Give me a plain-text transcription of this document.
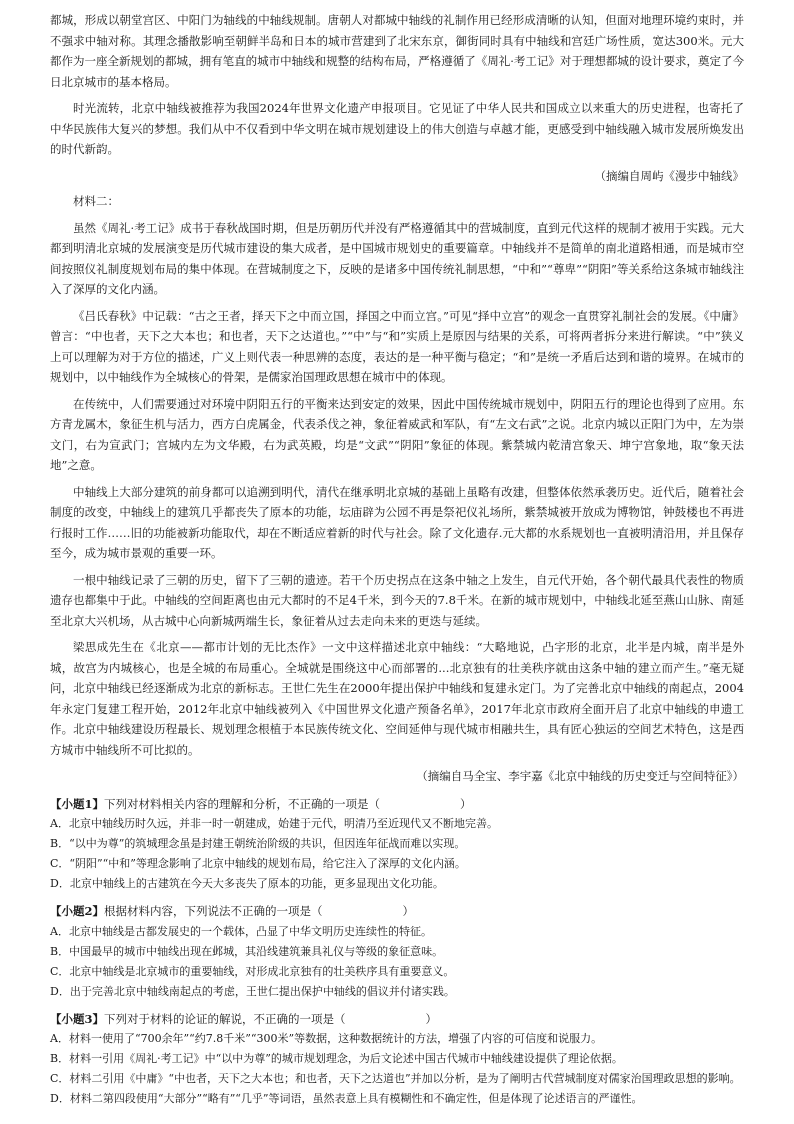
都城，形成以朝堂宫区、中阳门为轴线的中轴线规制。唐朝人对都城中轴线的礼制作用已经形成清晰的认知，但面对地理环境约束时，并不强求中轴对称。其理念播散影响至朝鲜半岛和日本的城市营建到了北宋东京，御街同时具有中轴线和宫廷广场性质，宽达300米。元大都作为一座全新规划的都城，拥有笔直的城市中轴线和规整的结构布局，严格遵循了《周礼·考工记》对于理想都城的设计要求，奠定了今日北京城市的基本格局。

时光流转，北京中轴线被推荐为我国2024年世界文化遗产申报项目。它见证了中华人民共和国成立以来重大的历史进程，也寄托了中华民族伟大复兴的梦想。我们从中不仅看到中华文明在城市规划建设上的伟大创造与卓越才能，更感受到中轴线融入城市发展所焕发出的时代新韵。

（摘编自周屿《漫步中轴线》
材料二：

虽然《周礼·考工记》成书于春秋战国时期，但是历朝历代并没有严格遵循其中的营城制度，直到元代这样的规制才被用于实践。元大都到明清北京城的发展演变是历代城市建设的集大成者，是中国城市规划史的重要篇章。中轴线并不是简单的南北道路相通，而是城市空间按照仪礼制度规划布局的集中体现。在营城制度之下，反映的是诸多中国传统礼制思想，“中和”“尊卑”“阴阳”等关系给这条城市轴线注入了深厚的文化内涵。

《吕氏春秋》中记载：“古之王者，择天下之中而立国，择国之中而立宫。”可见“择中立宫”的观念一直贯穿礼制社会的发展。《中庸》曾言：“中也者，天下之大本也；和也者，天下之达道也。”“中”与“和”实质上是原因与结果的关系，可将两者拆分来进行解读。“中”狭义上可以理解为对于方位的描述，广义上则代表一种思辨的态度，表达的是一种平衡与稳定；“和”是统一矛盾后达到和谐的境界。在城市的规划中，以中轴线作为全城核心的骨架，是儒家治国理政思想在城市中的体现。

在传统中，人们需要通过对环境中阴阳五行的平衡来达到安定的效果，因此中国传统城市规划中，阴阳五行的理论也得到了应用。东方青龙属木，象征生机与活力，西方白虎属金，代表杀伐之神，象征着威武和军队，有“左文右武”之说。北京内城以正阳门为中，左为崇文门，右为宣武门；宫城内左为文华殿，右为武英殿，均是“文武”“阴阳”象征的体现。紫禁城内乾清宫象天、坤宁宫象地，取“象天法地”之意。

中轴线上大部分建筑的前身都可以追溯到明代，清代在继承明北京城的基础上虽略有改建，但整体依然承袭历史。近代后，随着社会制度的改变，中轴线上的建筑几乎都丧失了原本的功能，坛庙辟为公园不再是祭祀仪礼场所，紫禁城被开放成为博物馆，钟鼓楼也不再进行报时工作……旧的功能被新功能取代，却在不断适应着新的时代与社会。除了文化遗存.元大都的水系规划也一直被明清沿用，并且保存至今，成为城市景观的重要一环。

一根中轴线记录了三朝的历史，留下了三朝的遗迹。若干个历史拐点在这条中轴之上发生，自元代开始，各个朝代最具代表性的物质遗存也都集中于此。中轴线的空间距离也由元大都时的不足4千米，到今天的7.8千米。在新的城市规划中，中轴线北延至燕山山脉、南延至北京大兴机场，从古城中心向新城两端生长，象征着从过去走向未来的更迭与延续。

梁思成先生在《北京——都市计划的无比杰作》一文中这样描述北京中轴线：“大略地说，凸字形的北京，北半是内城，南半是外城，故宫为内城核心，也是全城的布局重心。全城就是围绕这中心而部署的...北京独有的壮美秩序就由这条中轴的建立而产生。”毫无疑问，北京中轴线已经逐渐成为北京的新标志。王世仁先生在2000年提出保护中轴线和复建永定门。为了完善北京中轴线的南起点，2004年永定门复建工程开始，2012年北京中轴线被列入《中国世界文化遗产预备名单》，2017年北京市政府全面开启了北京中轴线的申遗工作。北京中轴线建设历程最长、规划理念根植于本民族传统文化、空间延伸与现代城市相融共生，具有匠心独运的空间艺术特色，这是西方城市中轴线所不可比拟的。

（摘编自马全宝、李宇嘉《北京中轴线的历史变迁与空间特征》）
【小题1】下列对材料相关内容的理解和分析，不正确的一项是（	）
A．北京中轴线历时久远，并非一时一朝建成，始建于元代，明清乃至近现代又不断地完善。
B．“以中为尊”的筑城理念虽是封建王朝统治阶级的共识，但因连年征战而难以实现。
C．“阴阳”“中和”等理念影响了北京中轴线的规划布局，给它注入了深厚的文化内涵。
D．北京中轴线上的古建筑在今天大多丧失了原本的功能，更多显现出文化功能。
【小题2】根据材料内容，下列说法不正确的一项是（	）
A．北京中轴线是古都发展史的一个载体，凸显了中华文明历史连续性的特征。
B．中国最早的城市中轴线出现在邺城，其沿线建筑兼具礼仪与等级的象征意味。
C．北京中轴线是北京城市的重要轴线，对形成北京独有的壮美秩序具有重要意义。
D．出于完善北京中轴线南起点的考虑，王世仁提出保护中轴线的倡议并付诸实践。
【小题3】下列对于材料的论证的解说，不正确的一项是（	）
A．材料一使用了“700余年”“约7.8千米”“300米”等数据，这种数据统计的方法，增强了内容的可信度和说服力。
B．材料一引用《周礼·考工记》中“以中为尊”的城市规划理念，为后文论述中国古代城市中轴线建设提供了理论依据。
C．材料二引用《中庸》“中也者，天下之大本也；和也者，天下之达道也”并加以分析，是为了阐明古代营城制度对儒家治国理政思想的影响。
D．材料二第四段使用“大部分”“略有”“几乎”等词语，虽然表意上具有模糊性和不确定性，但是体现了论述语言的严谨性。
